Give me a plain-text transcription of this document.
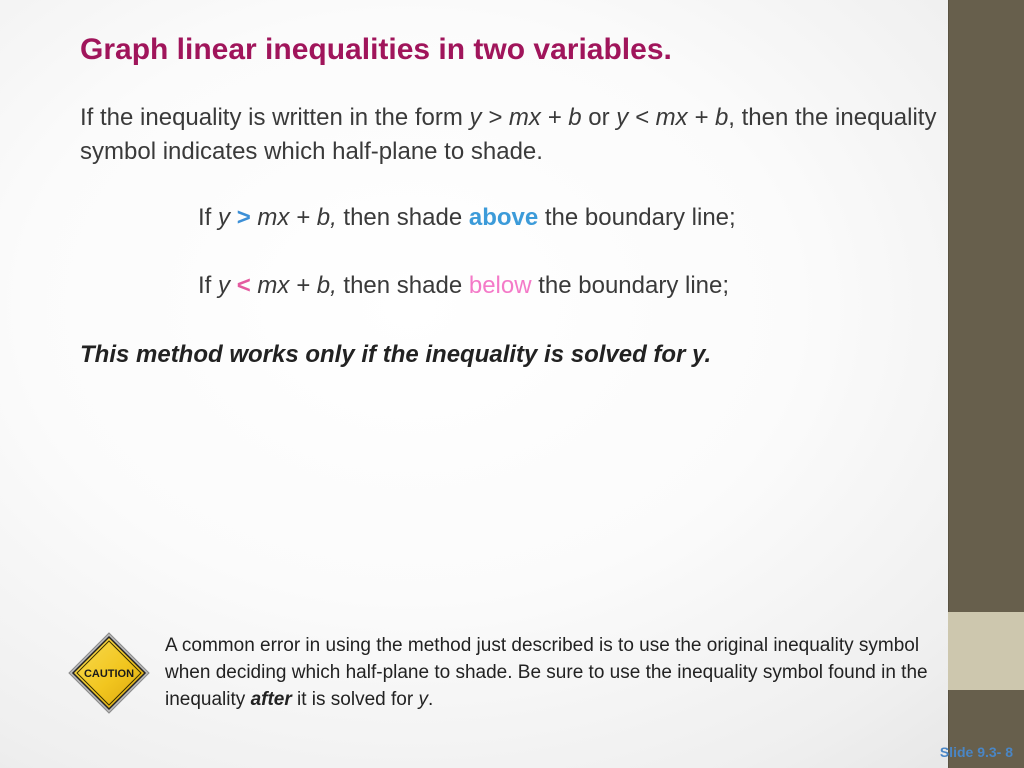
Graph linear inequalities in two variables.

If the inequality is written in the form y > mx + b or y < mx + b, then the inequality symbol indicates which half-plane to shade.

If y > mx + b, then shade above the boundary line;

If y < mx + b, then shade below the boundary line;

This method works only if the inequality is solved for y.

CAUTION

A common error in using the method just described is to use the original inequality symbol when deciding which half-plane to shade. Be sure to use the inequality symbol found in the inequality after it is solved for y.

Slide 9.3- 8
